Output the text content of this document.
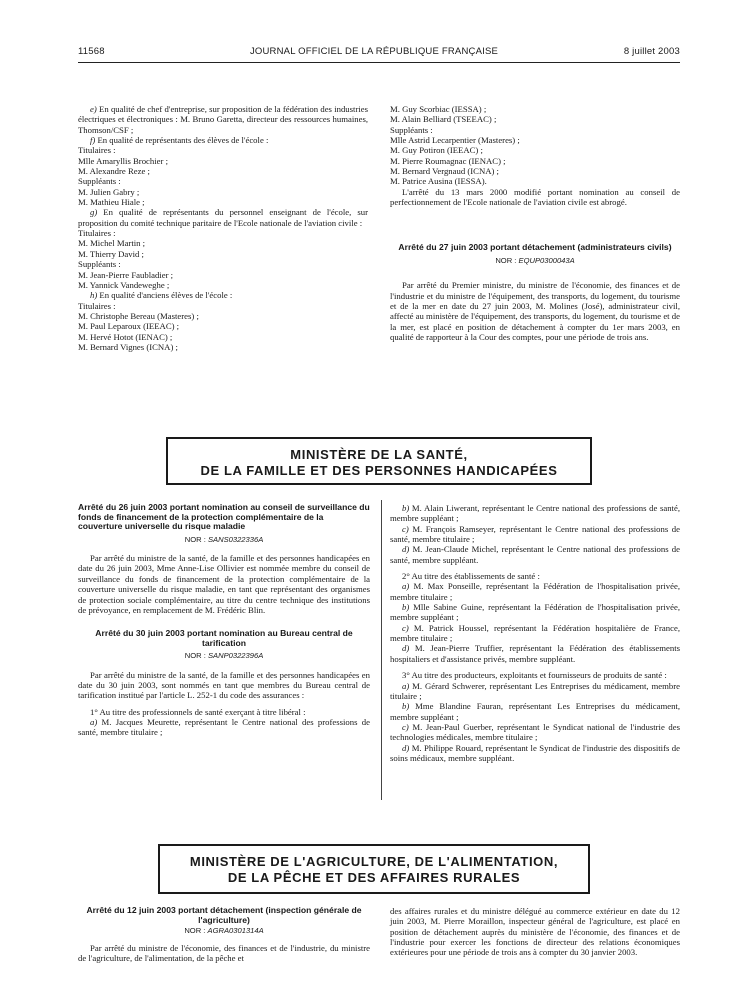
11568	JOURNAL OFFICIEL DE LA RÉPUBLIQUE FRANÇAISE	8 juillet 2003

e) En qualité de chef d'entreprise, sur proposition de la fédération des industries électriques et électroniques : M. Bruno Garetta, directeur des ressources humaines, Thomson/CSF ;

f) En qualité de représentants des élèves de l'école :

Titulaires :

Mlle Amaryllis Brochier ;

M. Alexandre Reze ;

Suppléants :

M. Julien Gabry ;

M. Mathieu Hiale ;

g) En qualité de représentants du personnel enseignant de l'école, sur proposition du comité technique paritaire de l'Ecole nationale de l'aviation civile :

Titulaires :

M. Michel Martin ;

M. Thierry David ;

Suppléants :

M. Jean-Pierre Faubladier ;

M. Yannick Vandeweghe ;

h) En qualité d'anciens élèves de l'école :

Titulaires :

M. Christophe Bereau (Masteres) ;

M. Paul Leparoux (IEEAC) ;

M. Hervé Hotot (IENAC) ;

M. Bernard Vignes (ICNA) ;

M. Guy Scorbiac (IESSA) ;

M. Alain Belliard (TSEEAC) ;

Suppléants :

Mlle Astrid Lecarpentier (Masteres) ;

M. Guy Potiron (IEEAC) ;

M. Pierre Roumagnac (IENAC) ;

M. Bernard Vergnaud (ICNA) ;

M. Patrice Ausina (IESSA).

L'arrêté du 13 mars 2000 modifié portant nomination au conseil de perfectionnement de l'Ecole nationale de l'aviation civile est abrogé.

Arrêté du 27 juin 2003 portant détachement (administrateurs civils)

NOR : EQUP0300043A

Par arrêté du Premier ministre, du ministre de l'économie, des finances et de l'industrie et du ministre de l'équipement, des transports, du logement, du tourisme et de la mer en date du 27 juin 2003, M. Molines (José), administrateur civil, affecté au ministère de l'équipement, des transports, du logement, du tourisme et de la mer, est placé en position de détachement à compter du 1er mars 2003, en qualité de rapporteur à la Cour des comptes, pour une période de trois ans.

MINISTÈRE DE LA SANTÉ,
DE LA FAMILLE ET DES PERSONNES HANDICAPÉES

Arrêté du 26 juin 2003 portant nomination au conseil de surveillance du fonds de financement de la protection complémentaire de la couverture universelle du risque maladie

NOR : SANS0322336A

Par arrêté du ministre de la santé, de la famille et des personnes handicapées en date du 26 juin 2003, Mme Anne-Lise Ollivier est nommée membre du conseil de surveillance du fonds de financement de la protection complémentaire de la couverture universelle du risque maladie, en tant que représentant des organismes de protection sociale complémentaire, au titre du centre technique des institutions de prévoyance, en remplacement de M. Frédéric Blin.

Arrêté du 30 juin 2003 portant nomination au Bureau central de tarification

NOR : SANP0322396A

Par arrêté du ministre de la santé, de la famille et des personnes handicapées en date du 30 juin 2003, sont nommés en tant que membres du Bureau central de tarification institué par l'article L. 252-1 du code des assurances :

1° Au titre des professionnels de santé exerçant à titre libéral :

a) M. Jacques Meurette, représentant le Centre national des professions de santé, membre titulaire ;

b) M. Alain Liwerant, représentant le Centre national des professions de santé, membre suppléant ;

c) M. François Ramseyer, représentant le Centre national des professions de santé, membre titulaire ;

d) M. Jean-Claude Michel, représentant le Centre national des professions de santé, membre suppléant.

2° Au titre des établissements de santé :

a) M. Max Ponseille, représentant la Fédération de l'hospitalisation privée, membre titulaire ;

b) Mlle Sabine Guine, représentant la Fédération de l'hospitalisation privée, membre suppléant ;

c) M. Patrick Houssel, représentant la Fédération hospitalière de France, membre titulaire ;

d) M. Jean-Pierre Truffier, représentant la Fédération des établissements hospitaliers et d'assistance privés, membre suppléant.

3° Au titre des producteurs, exploitants et fournisseurs de produits de santé :

a) M. Gérard Schwerer, représentant Les Entreprises du médicament, membre titulaire ;

b) Mme Blandine Fauran, représentant Les Entreprises du médicament, membre suppléant ;

c) M. Jean-Paul Guerber, représentant le Syndicat national de l'industrie des technologies médicales, membre titulaire ;

d) M. Philippe Rouard, représentant le Syndicat de l'industrie des dispositifs de soins médicaux, membre suppléant.

MINISTÈRE DE L'AGRICULTURE, DE L'ALIMENTATION,
DE LA PÊCHE ET DES AFFAIRES RURALES

Arrêté du 12 juin 2003 portant détachement (inspection générale de l'agriculture)

NOR : AGRA0301314A

Par arrêté du ministre de l'économie, des finances et de l'industrie, du ministre de l'agriculture, de l'alimentation, de la pêche et

des affaires rurales et du ministre délégué au commerce extérieur en date du 12 juin 2003, M. Pierre Moraillon, inspecteur général de l'agriculture, est placé en position de détachement auprès du ministère de l'économie, des finances et de l'industrie pour exercer les fonctions de directeur des relations économiques extérieures pour une période de trois ans à compter du 30 janvier 2003.
